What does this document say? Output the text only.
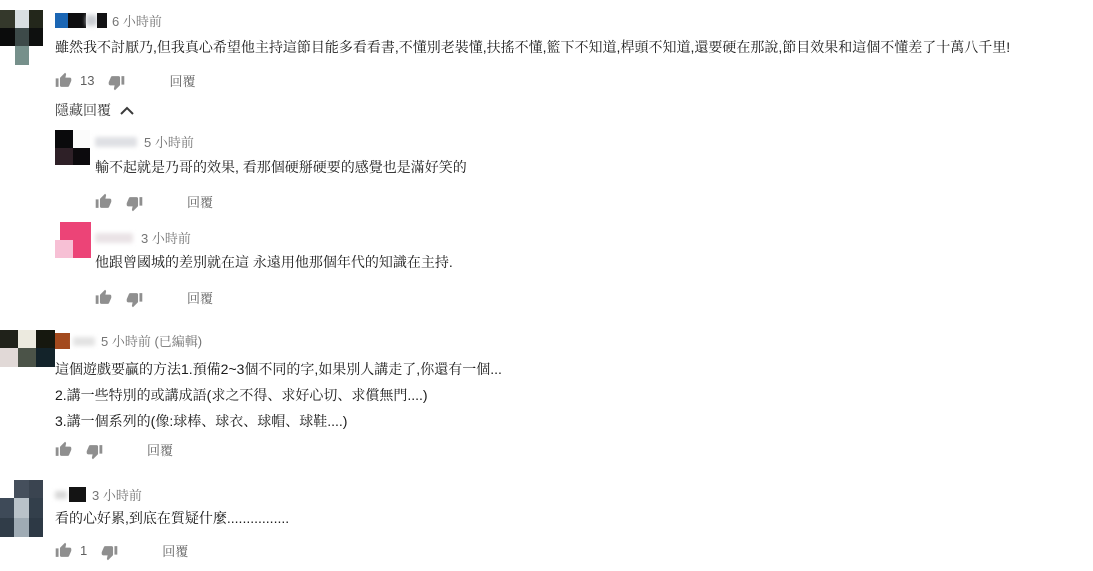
6 小時前
雖然我不討厭乃,但我真心希望他主持這節目能多看看書,不懂別老裝懂,扶搖不懂,籃下不知道,桿頭不知道,還要硬在那說,節目效果和這個不懂差了十萬八千里!
13	回覆
隱藏回覆
5 小時前
輸不起就是乃哥的效果, 看那個硬掰硬要的感覺也是滿好笑的
回覆
3 小時前
他跟曾國城的差別就在這 永遠用他那個年代的知識在主持.
回覆
5 小時前 (已編輯)
這個遊戲要贏的方法1.預備2~3個不同的字,如果別人講走了,你還有一個...
2.講一些特別的或講成語(求之不得、求好心切、求償無門....)
3.講一個系列的(像:球棒、球衣、球帽、球鞋....)
回覆
3 小時前
看的心好累,到底在質疑什麼................
1	回覆
